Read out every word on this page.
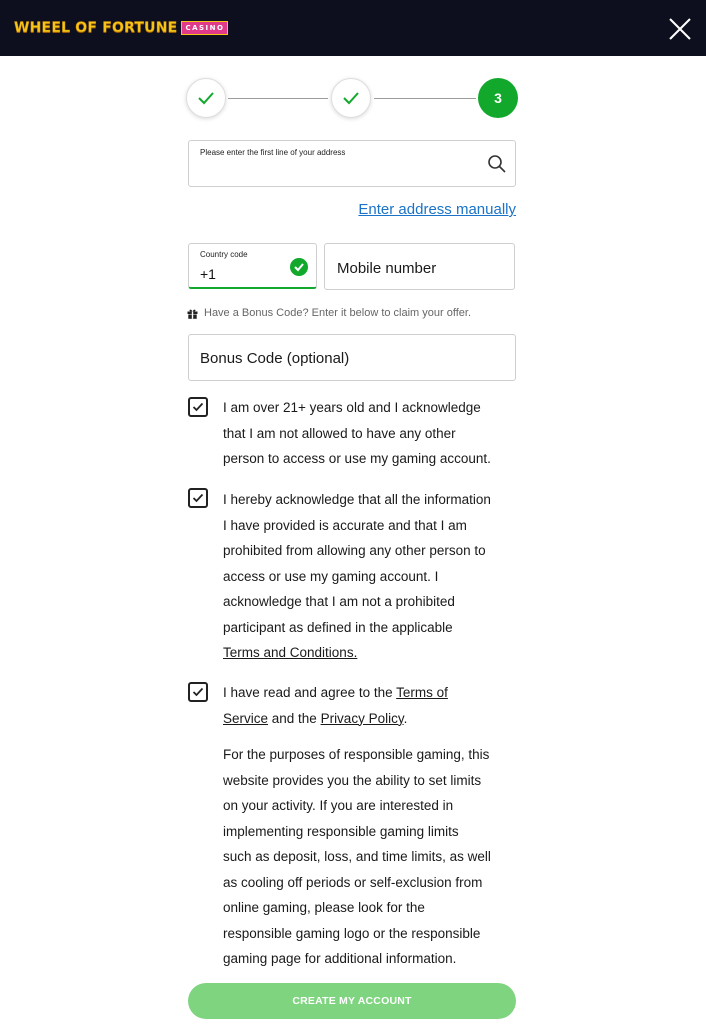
WHEEL OF FORTUNE CASINO
3
Please enter the first line of your address
Enter address manually
Country code
+1	Mobile number
Have a Bonus Code? Enter it below to claim your offer.
Bonus Code (optional)
I am over 21+ years old and I acknowledge
that I am not allowed to have any other
person to access or use my gaming account.
I hereby acknowledge that all the information
I have provided is accurate and that I am
prohibited from allowing any other person to
access or use my gaming account. I
acknowledge that I am not a prohibited
participant as defined in the applicable
Terms and Conditions.
I have read and agree to the Terms of
Service and the Privacy Policy.
For the purposes of responsible gaming, this
website provides you the ability to set limits
on your activity. If you are interested in
implementing responsible gaming limits
such as deposit, loss, and time limits, as well
as cooling off periods or self-exclusion from
online gaming, please look for the
responsible gaming logo or the responsible
gaming page for additional information.
CREATE MY ACCOUNT
